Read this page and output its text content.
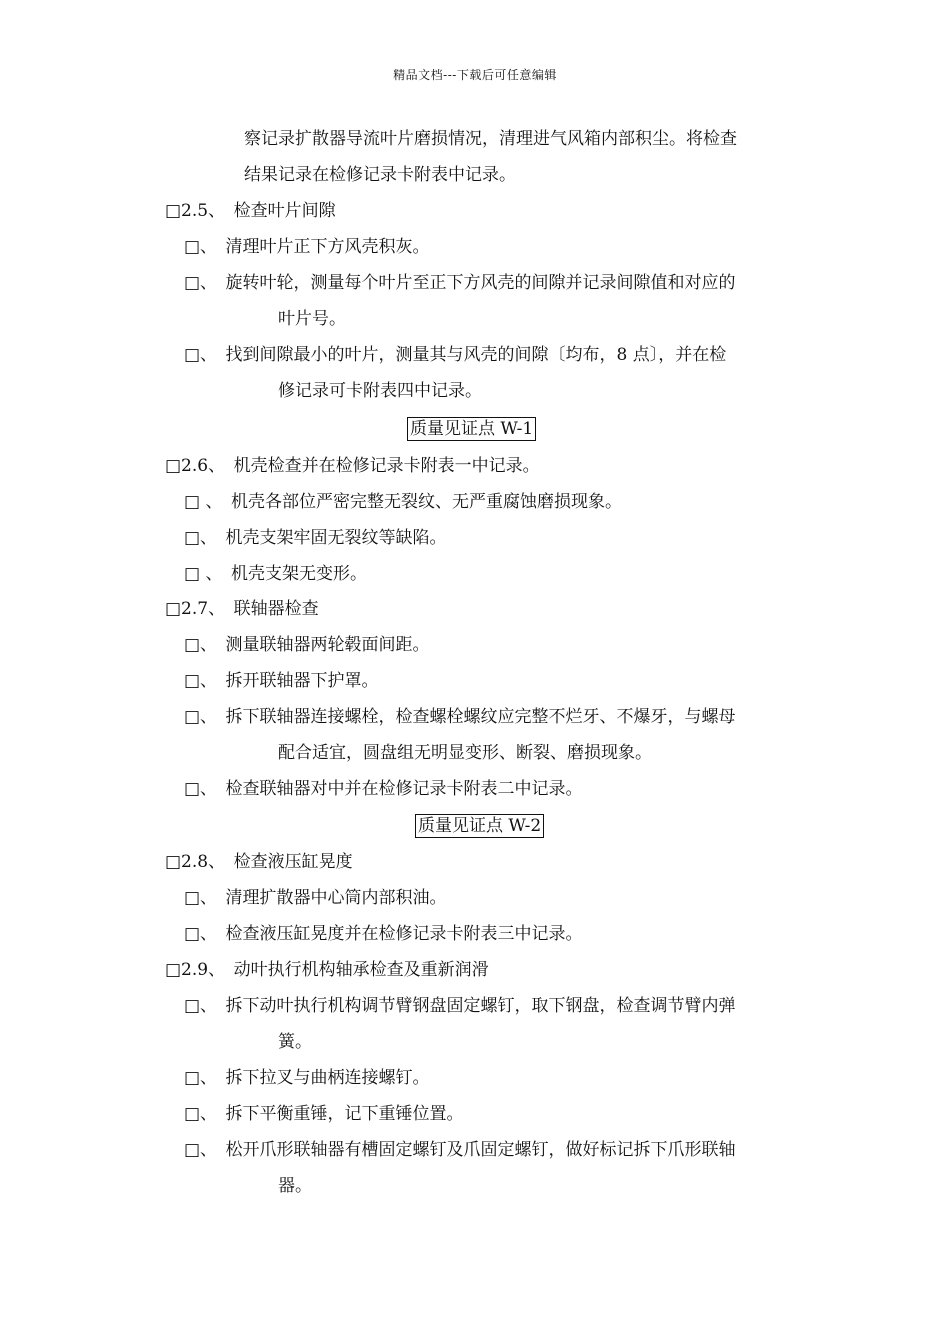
精品文档---下载后可任意编辑
察记录扩散器导流叶片磨损情况，清理进气风箱内部积尘。将检查
结果记录在检修记录卡附表中记录。
□2.5、　检查叶片间隙
□、　清理叶片正下方风壳积灰。
□、　旋转叶轮，测量每个叶片至正下方风壳的间隙并记录间隙值和对应的
叶片号。
□、　找到间隙最小的叶片，测量其与风壳的间隙〔均布，8 点〕，并在检
修记录可卡附表四中记录。
质量见证点 W-1
□2.6、　机壳检查并在检修记录卡附表一中记录。
□ 、　机壳各部位严密完整无裂纹、无严重腐蚀磨损现象。
□、　机壳支架牢固无裂纹等缺陷。
□ 、　机壳支架无变形。
□2.7、　联轴器检查
□、　测量联轴器两轮毂面间距。
□、　拆开联轴器下护罩。
□、　拆下联轴器连接螺栓，检查螺栓螺纹应完整不烂牙、不爆牙，与螺母
配合适宜，圆盘组无明显变形、断裂、磨损现象。
□、　检查联轴器对中并在检修记录卡附表二中记录。
质量见证点 W-2
□2.8、　检查液压缸晃度
□、　清理扩散器中心筒内部积油。
□、　检查液压缸晃度并在检修记录卡附表三中记录。
□2.9、　动叶执行机构轴承检查及重新润滑
□、　拆下动叶执行机构调节臂钢盘固定螺钉，取下钢盘，检查调节臂内弹
簧。
□、　拆下拉叉与曲柄连接螺钉。
□、　拆下平衡重锤，记下重锤位置。
□、　松开爪形联轴器有槽固定螺钉及爪固定螺钉，做好标记拆下爪形联轴
器。
